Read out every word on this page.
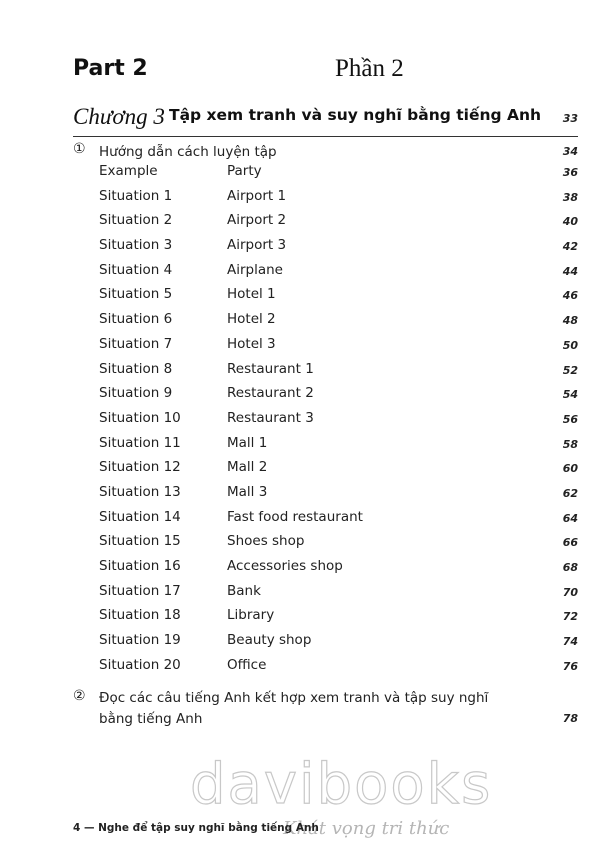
Part 2	Phần 2
Chương 3 Tập xem tranh và suy nghĩ bằng tiếng Anh 33
① Hướng dẫn cách luyện tập	34
Example	Party	36
Situation 1	Airport 1	38
Situation 2	Airport 2	40
Situation 3	Airport 3	42
Situation 4	Airplane	44
Situation 5	Hotel 1	46
Situation 6	Hotel 2	48
Situation 7	Hotel 3	50
Situation 8	Restaurant 1	52
Situation 9	Restaurant 2	54
Situation 10	Restaurant 3	56
Situation 11	Mall 1	58
Situation 12	Mall 2	60
Situation 13	Mall 3	62
Situation 14	Fast food restaurant	64
Situation 15	Shoes shop	66
Situation 16	Accessories shop	68
Situation 17	Bank	70
Situation 18	Library	72
Situation 19	Beauty shop	74
Situation 20	Office	76
② Đọc các câu tiếng Anh kết hợp xem tranh và tập suy nghĩ bằng tiếng Anh	78
davibooks
Khát vọng tri thức
4 — Nghe để tập suy nghĩ bằng tiếng Anh
